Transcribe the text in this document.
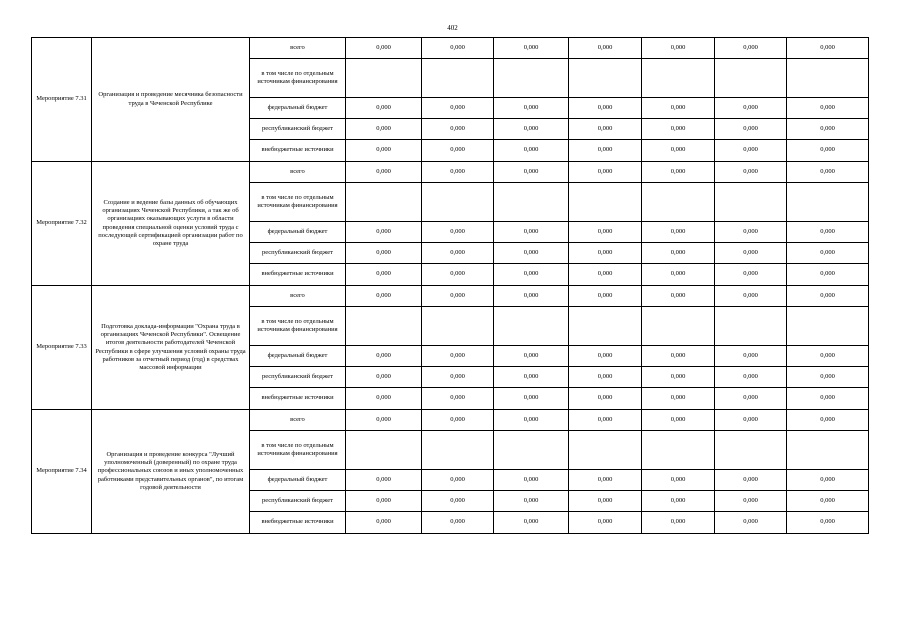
402
Мероприятие 7.31	Организация и проведение месячника безопасности труда в Чеченской Республике	всего	0,000	0,000	0,000	0,000	0,000	0,000	0,000
		в том числе по отдельным источникам финансирования							
		федеральный бюджет	0,000	0,000	0,000	0,000	0,000	0,000	0,000
		республиканский бюджет	0,000	0,000	0,000	0,000	0,000	0,000	0,000
		внебюджетные источники	0,000	0,000	0,000	0,000	0,000	0,000	0,000
Мероприятие 7.32	Создание и ведение базы данных об обучающих организациях Чеченской Республики, а так же об организациях оказывающих услуги в области проведения специальной оценки условий труда с последующей сертификацией организации работ по охране труда	всего	0,000	0,000	0,000	0,000	0,000	0,000	0,000
		в том числе по отдельным источникам финансирования							
		федеральный бюджет	0,000	0,000	0,000	0,000	0,000	0,000	0,000
		республиканский бюджет	0,000	0,000	0,000	0,000	0,000	0,000	0,000
		внебюджетные источники	0,000	0,000	0,000	0,000	0,000	0,000	0,000
Мероприятие 7.33	Подготовка доклада-информации "Охрана труда в организациях Чеченской Республики". Освещение итогов деятельности работодателей Чеченской Республики в сфере улучшения условий охраны труда работников за отчетный период (год) в средствах массовой информации	всего	0,000	0,000	0,000	0,000	0,000	0,000	0,000
		в том числе по отдельным источникам финансирования							
		федеральный бюджет	0,000	0,000	0,000	0,000	0,000	0,000	0,000
		республиканский бюджет	0,000	0,000	0,000	0,000	0,000	0,000	0,000
		внебюджетные источники	0,000	0,000	0,000	0,000	0,000	0,000	0,000
Мероприятие 7.34	Организация и проведение конкурса "Лучший уполномоченный (доверенный) по охране труда профессиональных союзов и иных уполномоченных работниками представительных органов", по итогам годовой деятельности	всего	0,000	0,000	0,000	0,000	0,000	0,000	0,000
		в том числе по отдельным источникам финансирования							
		федеральный бюджет	0,000	0,000	0,000	0,000	0,000	0,000	0,000
		республиканский бюджет	0,000	0,000	0,000	0,000	0,000	0,000	0,000
		внебюджетные источники	0,000	0,000	0,000	0,000	0,000	0,000	0,000
